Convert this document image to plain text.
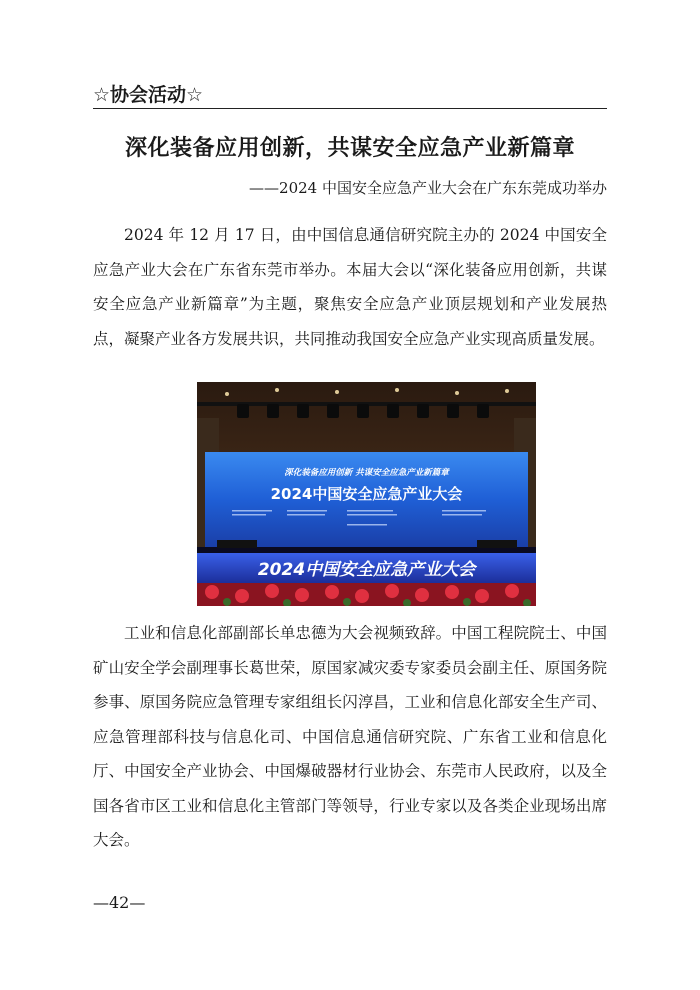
☆协会活动☆
深化装备应用创新，共谋安全应急产业新篇章
——2024 中国安全应急产业大会在广东东莞成功举办
2024 年 12 月 17 日，由中国信息通信研究院主办的 2024 中国安全应急产业大会在广东省东莞市举办。本届大会以“深化装备应用创新，共谋安全应急产业新篇章”为主题，聚焦安全应急产业顶层规划和产业发展热点，凝聚产业各方发展共识，共同推动我国安全应急产业实现高质量发展。
深化装备应用创新 共谋安全应急产业新篇章
2024中国安全应急产业大会
2024中国安全应急产业大会
工业和信息化部副部长单忠德为大会视频致辞。中国工程院院士、中国矿山安全学会副理事长葛世荣，原国家减灾委专家委员会副主任、原国务院参事、原国务院应急管理专家组组长闪淳昌，工业和信息化部安全生产司、应急管理部科技与信息化司、中国信息通信研究院、广东省工业和信息化厅、中国安全产业协会、中国爆破器材行业协会、东莞市人民政府，以及全国各省市区工业和信息化主管部门等领导，行业专家以及各类企业现场出席大会。
—42—
